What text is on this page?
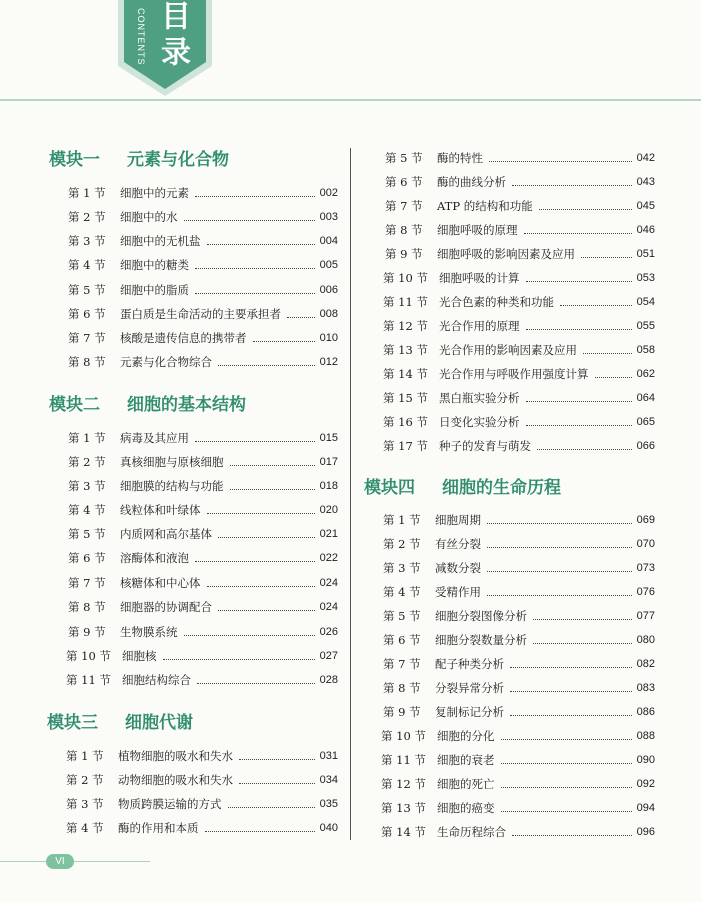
CONTENTS 目录
模块一 元素与化合物
第 1 节	细胞中的元素	002
第 2 节	细胞中的水	003
第 3 节	细胞中的无机盐	004
第 4 节	细胞中的糖类	005
第 5 节	细胞中的脂质	006
第 6 节	蛋白质是生命活动的主要承担者	008
第 7 节	核酸是遗传信息的携带者	010
第 8 节	元素与化合物综合	012
模块二 细胞的基本结构
第 1 节	病毒及其应用	015
第 2 节	真核细胞与原核细胞	017
第 3 节	细胞膜的结构与功能	018
第 4 节	线粒体和叶绿体	020
第 5 节	内质网和高尔基体	021
第 6 节	溶酶体和液泡	022
第 7 节	核糖体和中心体	024
第 8 节	细胞器的协调配合	024
第 9 节	生物膜系统	026
第 10 节 细胞核	027
第 11 节 细胞结构综合	028
模块三 细胞代谢
第 1 节	植物细胞的吸水和失水	031
第 2 节	动物细胞的吸水和失水	034
第 3 节	物质跨膜运输的方式	035
第 4 节	酶的作用和本质	040
第 5 节	酶的特性	042
第 6 节	酶的曲线分析	043
第 7 节	ATP 的结构和功能	045
第 8 节	细胞呼吸的原理	046
第 9 节	细胞呼吸的影响因素及应用	051
第 10 节 细胞呼吸的计算	053
第 11 节 光合色素的种类和功能	054
第 12 节 光合作用的原理	055
第 13 节 光合作用的影响因素及应用	058
第 14 节 光合作用与呼吸作用强度计算	062
第 15 节 黑白瓶实验分析	064
第 16 节 日变化实验分析	065
第 17 节 种子的发育与萌发	066
模块四 细胞的生命历程
第 1 节	细胞周期	069
第 2 节	有丝分裂	070
第 3 节	减数分裂	073
第 4 节	受精作用	076
第 5 节	细胞分裂图像分析	077
第 6 节	细胞分裂数量分析	080
第 7 节	配子种类分析	082
第 8 节	分裂异常分析	083
第 9 节	复制标记分析	086
第 10 节 细胞的分化	088
第 11 节 细胞的衰老	090
第 12 节 细胞的死亡	092
第 13 节 细胞的癌变	094
第 14 节 生命历程综合	096
VI
